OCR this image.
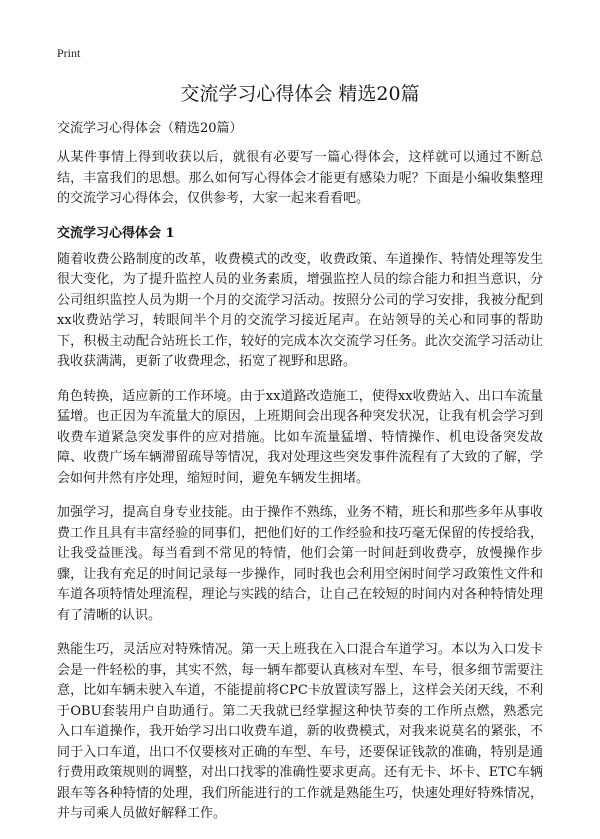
Print
交流学习心得体会 精选20篇

交流学习心得体会（精选20篇）

从某件事情上得到收获以后，就很有必要写一篇心得体会，这样就可以通过不断总结，丰富我们的思想。那么如何写心得体会才能更有感染力呢？下面是小编收集整理的交流学习心得体会，仅供参考，大家一起来看看吧。

交流学习心得体会 1

随着收费公路制度的改革，收费模式的改变，收费政策、车道操作、特情处理等发生很大变化，为了提升监控人员的业务素质，增强监控人员的综合能力和担当意识，分公司组织监控人员为期一个月的交流学习活动。按照分公司的学习安排，我被分配到xx收费站学习，转眼间半个月的交流学习接近尾声。在站领导的关心和同事的帮助下，积极主动配合站班长工作，较好的完成本次交流学习任务。此次交流学习活动让我收获满满，更新了收费理念，拓宽了视野和思路。

角色转换，适应新的工作环境。由于xx道路改造施工，使得xx收费站入、出口车流量猛增。也正因为车流量大的原因，上班期间会出现各种突发状况，让我有机会学习到收费车道紧急突发事件的应对措施。比如车流量猛增、特情操作、机电设备突发故障、收费广场车辆滞留疏导等情况，我对处理这些突发事件流程有了大致的了解，学会如何井然有序处理，缩短时间，避免车辆发生拥堵。

加强学习，提高自身专业技能。由于操作不熟练，业务不精，班长和那些多年从事收费工作且具有丰富经验的同事们，把他们好的工作经验和技巧毫无保留的传授给我，让我受益匪浅。每当看到不常见的特情，他们会第一时间赶到收费亭，放慢操作步骤，让我有充足的时间记录每一步操作，同时我也会利用空闲时间学习政策性文件和车道各项特情处理流程，理论与实践的结合，让自己在较短的时间内对各种特情处理有了清晰的认识。

熟能生巧，灵活应对特殊情况。第一天上班我在入口混合车道学习。本以为入口发卡会是一件轻松的事，其实不然，每一辆车都要认真核对车型、车号，很多细节需要注意，比如车辆未驶入车道，不能提前将CPC卡放置读写器上，这样会关闭天线，不利于OBU套装用户自助通行。第二天我就已经掌握这种快节奏的工作所点燃，熟悉完入口车道操作，我开始学习出口收费车道，新的收费模式，对我来说莫名的紧张，不同于入口车道，出口不仅要核对正确的车型、车号，还要保证钱款的准确，特别是通行费用政策规则的调整，对出口找零的准确性要求更高。还有无卡、坏卡、ETC车辆跟车等各种特情的处理，我们所能进行的工作就是熟能生巧，快速处理好特殊情况，并与司乘人员做好解释工作。
